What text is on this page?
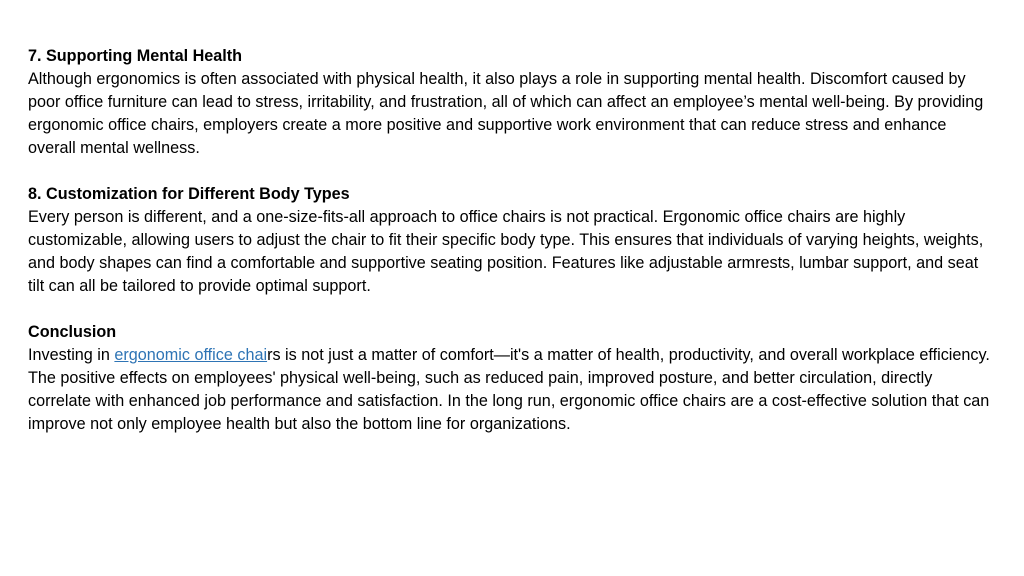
7. Supporting Mental Health
Although ergonomics is often associated with physical health, it also plays a role in supporting mental health. Discomfort caused by poor office furniture can lead to stress, irritability, and frustration, all of which can affect an employee’s mental well-being. By providing ergonomic office chairs, employers create a more positive and supportive work environment that can reduce stress and enhance overall mental wellness.
8. Customization for Different Body Types
Every person is different, and a one-size-fits-all approach to office chairs is not practical. Ergonomic office chairs are highly customizable, allowing users to adjust the chair to fit their specific body type. This ensures that individuals of varying heights, weights, and body shapes can find a comfortable and supportive seating position. Features like adjustable armrests, lumbar support, and seat tilt can all be tailored to provide optimal support.
Conclusion
Investing in ergonomic office chairs is not just a matter of comfort—it's a matter of health, productivity, and overall workplace efficiency. The positive effects on employees' physical well-being, such as reduced pain, improved posture, and better circulation, directly correlate with enhanced job performance and satisfaction. In the long run, ergonomic office chairs are a cost-effective solution that can improve not only employee health but also the bottom line for organizations.
